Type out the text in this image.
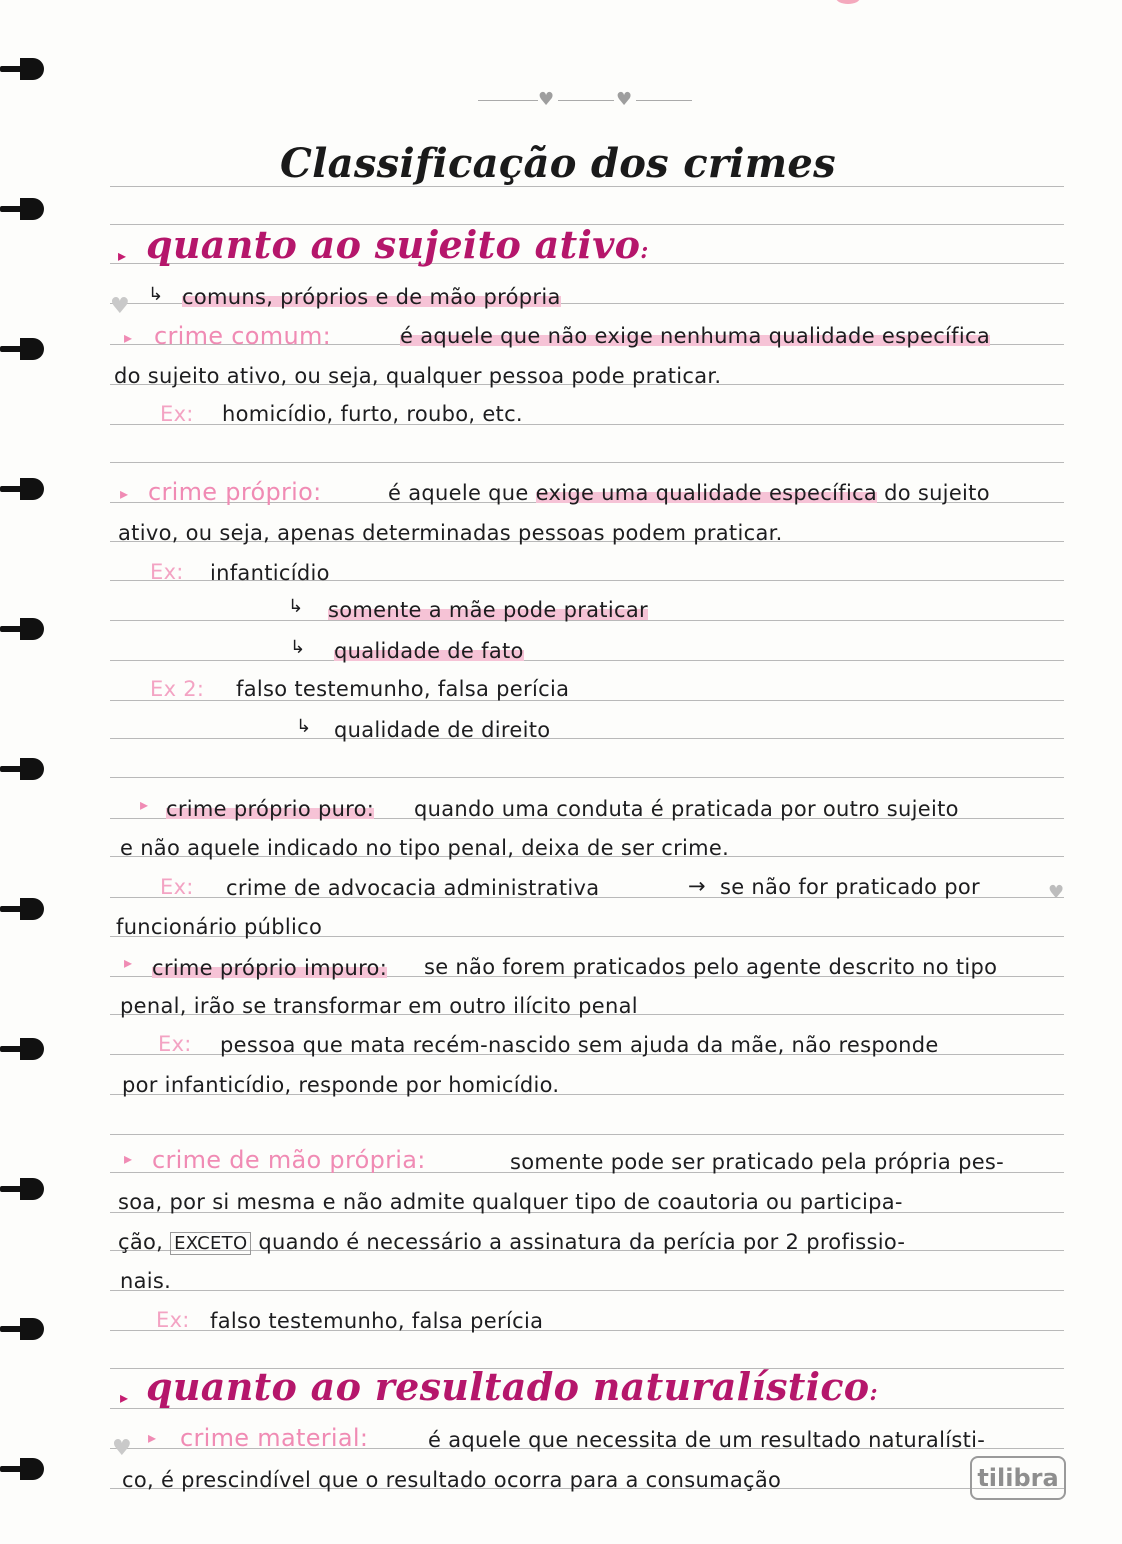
♥	♥
Classificação dos crimes
▸ quanto ao sujeito ativo:
♥ ↳ comuns, próprios e de mão própria
▸ crime comum:	é aquele que não exige nenhuma qualidade específica
do sujeito ativo, ou seja, qualquer pessoa pode praticar.
Ex: homicídio, furto, roubo, etc.
▸ crime próprio:	é aquele que exige uma qualidade específica do sujeito
ativo, ou seja, apenas determinadas pessoas podem praticar.
Ex: infanticídio
↳ somente a mãe pode praticar
↳ qualidade de fato
Ex 2: falso testemunho, falsa perícia
↳ qualidade de direito
▸ crime próprio puro: quando uma conduta é praticada por outro sujeito
e não aquele indicado no tipo penal, deixa de ser crime.
Ex: crime de advocacia administrativa	→ se não for praticado por	♥
funcionário público
▸ crime próprio impuro: se não forem praticados pelo agente descrito no tipo
penal, irão se transformar em outro ilícito penal
Ex: pessoa que mata recém-nascido sem ajuda da mãe, não responde
por infanticídio, responde por homicídio.
▸ crime de mão própria:	somente pode ser praticado pela própria pes-
soa, por si mesma e não admite qualquer tipo de coautoria ou participa-
ção, EXCETO quando é necessário a assinatura da perícia por 2 profissio-
nais.
Ex: falso testemunho, falsa perícia
▸ quanto ao resultado naturalístico:
♥ ▸ crime material:	é aquele que necessita de um resultado naturalísti-
co, é prescindível que o resultado ocorra para a consumação	tilibra
